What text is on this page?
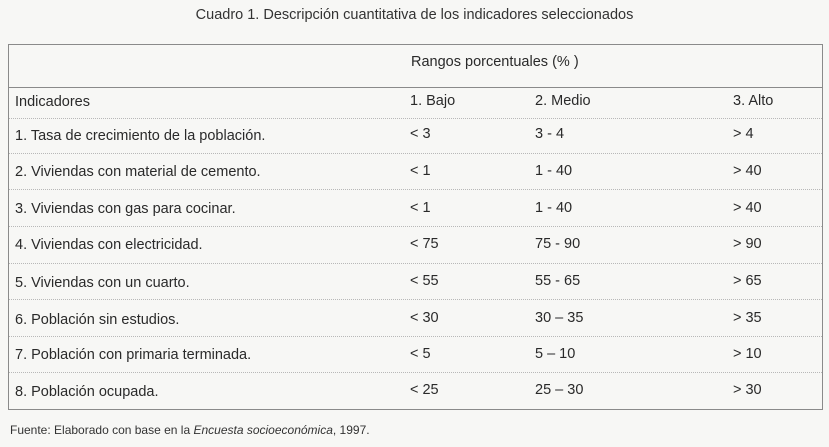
Cuadro 1. Descripción cuantitativa de los indicadores seleccionados
Rangos porcentuales (% )
Indicadores	1. Bajo	2. Medio	3. Alto
1. Tasa de crecimiento de la población.	< 3	3 - 4	> 4
2. Viviendas con material de cemento.	< 1	1 - 40	> 40
3. Viviendas con gas para cocinar.	< 1	1 - 40	> 40
4. Viviendas con electricidad.	< 75	75 - 90	> 90
5. Viviendas con un cuarto.	< 55	55 - 65	> 65
6. Población sin estudios.	< 30	30 – 35	> 35
7. Población con primaria terminada.	< 5	5 – 10	> 10
8. Población ocupada.	< 25	25 – 30	> 30
Fuente: Elaborado con base en la Encuesta socioeconómica, 1997.
